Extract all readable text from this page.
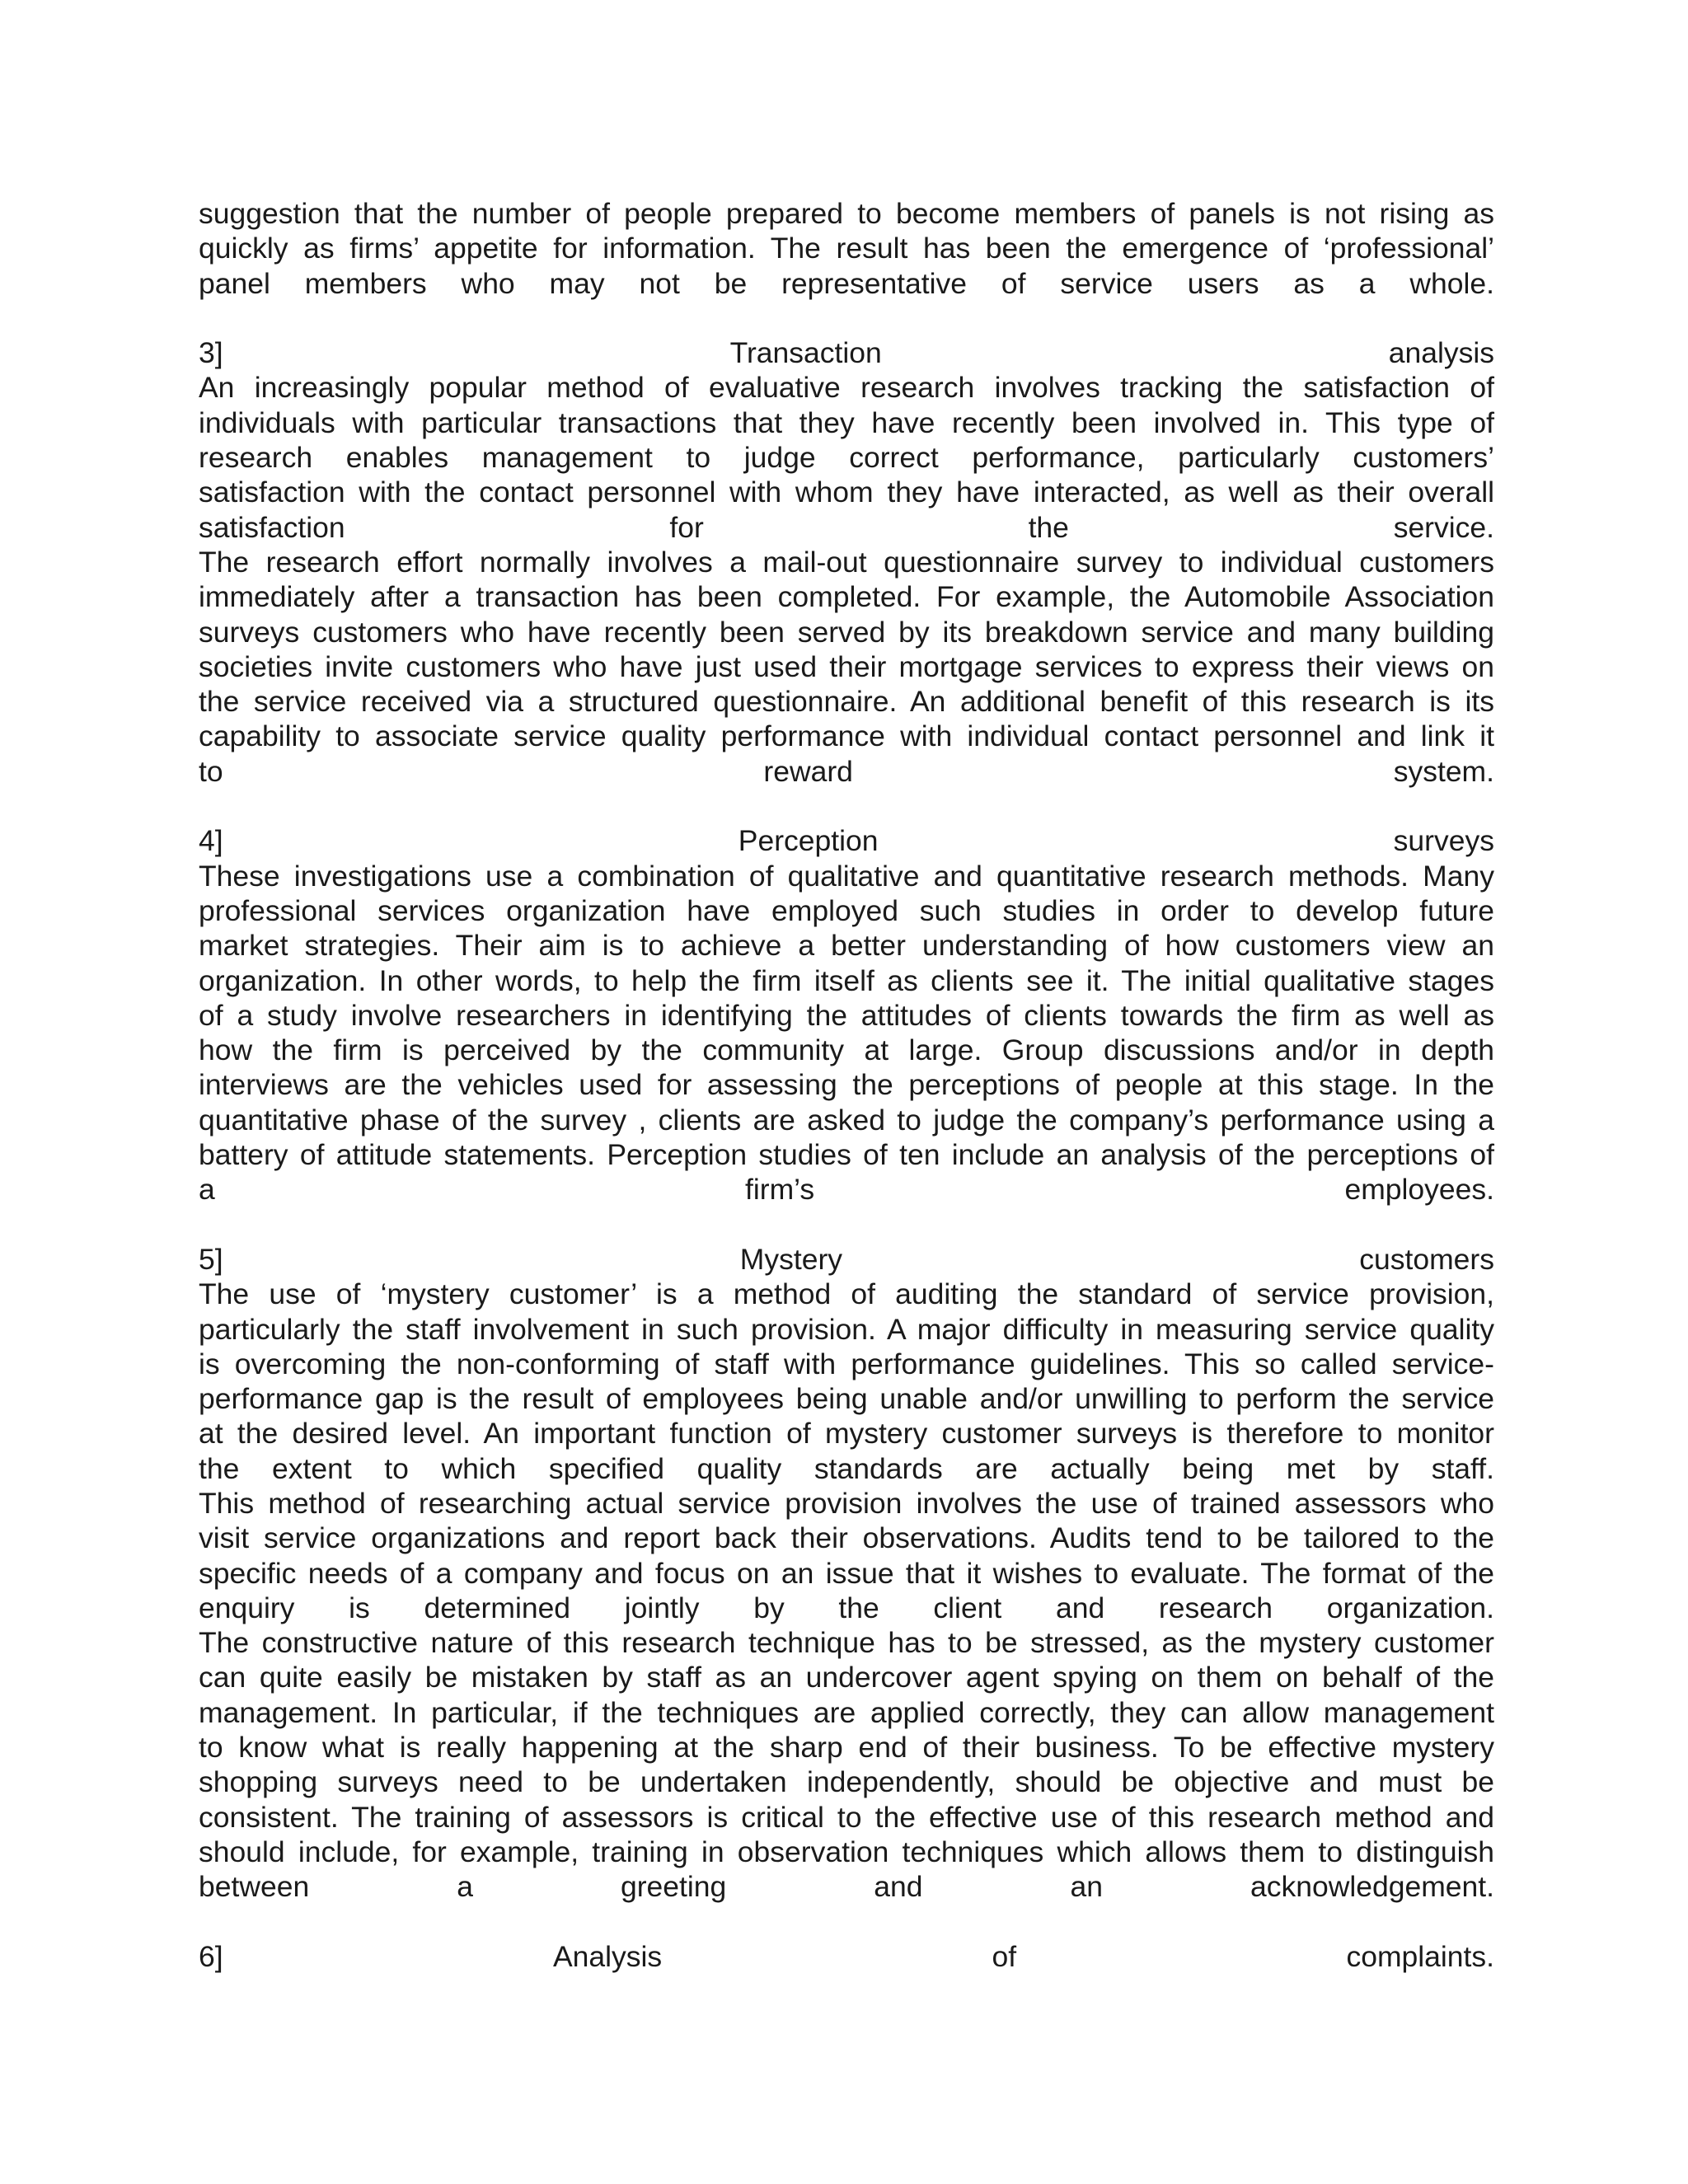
suggestion that the number of people prepared to become members of panels is not rising as
quickly as firms’ appetite for information. The result has been the emergence of ‘professional’
panel members who may not be representative of service users as a whole.
3]	Transaction	analysis
An increasingly popular method of evaluative research involves tracking the satisfaction of
individuals with particular transactions that they have recently been involved in. This type of
research enables management to judge correct performance, particularly customers’
satisfaction with the contact personnel with whom they have interacted, as well as their overall
satisfaction for the service.
The research effort normally involves a mail-out questionnaire survey to individual customers
immediately after a transaction has been completed. For example, the Automobile Association
surveys customers who have recently been served by its breakdown service and many building
societies invite customers who have just used their mortgage services to express their views on
the service received via a structured questionnaire. An additional benefit of this research is its
capability to associate service quality performance with individual contact personnel and link it
to reward system.
4]	Perception	surveys
These investigations use a combination of qualitative and quantitative research methods. Many
professional services organization have employed such studies in order to develop future
market strategies. Their aim is to achieve a better understanding of how customers view an
organization. In other words, to help the firm itself as clients see it. The initial qualitative stages
of a study involve researchers in identifying the attitudes of clients towards the firm as well as
how the firm is perceived by the community at large. Group discussions and/or in depth
interviews are the vehicles used for assessing the perceptions of people at this stage. In the
quantitative phase of the survey , clients are asked to judge the company’s performance using a
battery of attitude statements. Perception studies of ten include an analysis of the perceptions of
a firm’s employees.
5]	Mystery	customers
The use of ‘mystery customer’ is a method of auditing the standard of service provision,
particularly the staff involvement in such provision. A major difficulty in measuring service quality
is overcoming the non-conforming of staff with performance guidelines. This so called service-
performance gap is the result of employees being unable and/or unwilling to perform the service
at the desired level. An important function of mystery customer surveys is therefore to monitor
the extent to which specified quality standards are actually being met by staff.
This method of researching actual service provision involves the use of trained assessors who
visit service organizations and report back their observations. Audits tend to be tailored to the
specific needs of a company and focus on an issue that it wishes to evaluate. The format of the
enquiry is determined jointly by the client and research organization.
The constructive nature of this research technique has to be stressed, as the mystery customer
can quite easily be mistaken by staff as an undercover agent spying on them on behalf of the
management. In particular, if the techniques are applied correctly, they can allow management
to know what is really happening at the sharp end of their business. To be effective mystery
shopping surveys need to be undertaken independently, should be objective and must be
consistent. The training of assessors is critical to the effective use of this research method and
should include, for example, training in observation techniques which allows them to distinguish
between a greeting and an acknowledgement.
6]	Analysis	of	complaints.
